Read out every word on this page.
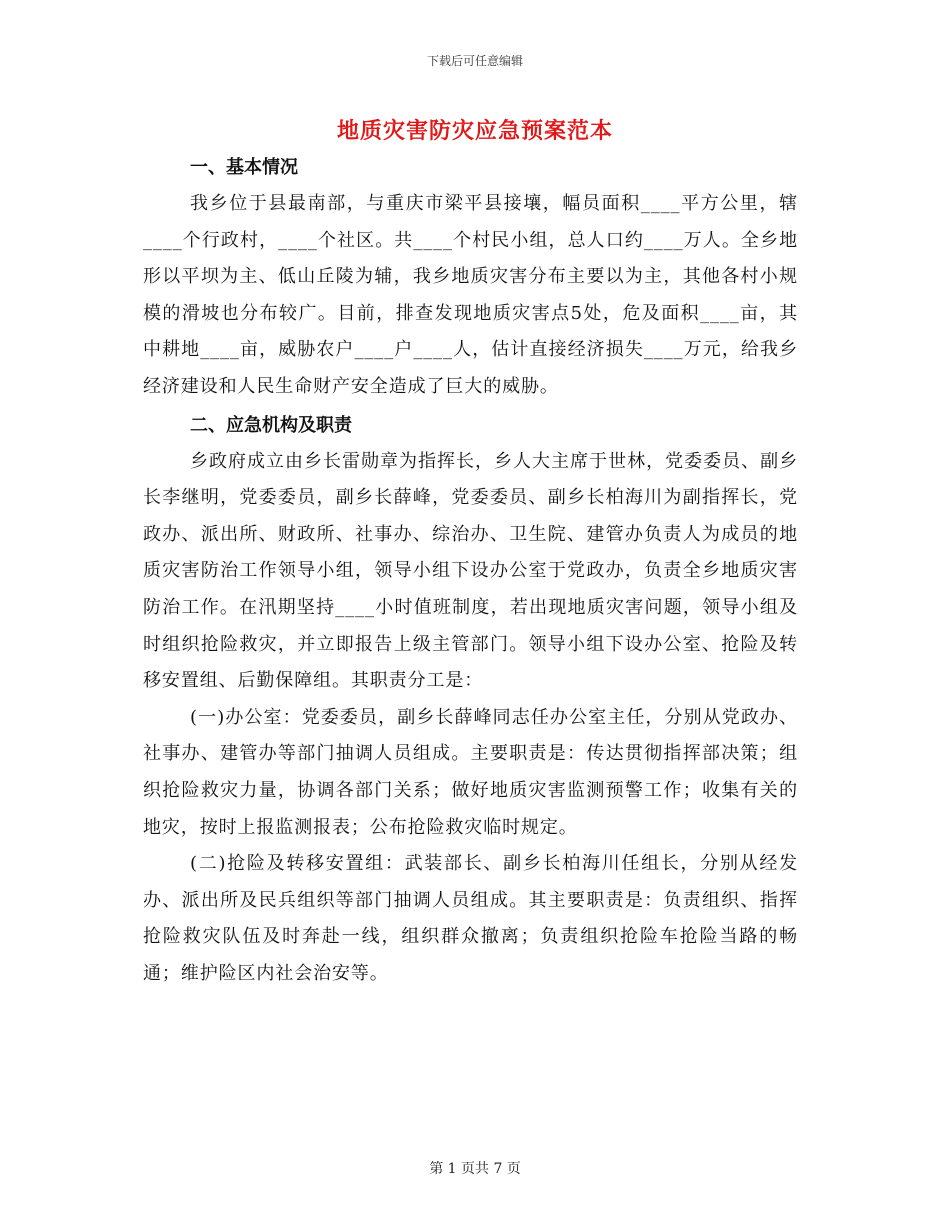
下载后可任意编辑
地质灾害防灾应急预案范本

一、基本情况

我乡位于县最南部，与重庆市梁平县接壤，幅员面积____平方公里，辖____个行政村，____个社区。共____个村民小组，总人口约____万人。全乡地形以平坝为主、低山丘陵为辅，我乡地质灾害分布主要以为主，其他各村小规模的滑坡也分布较广。目前，排查发现地质灾害点5处，危及面积____亩，其中耕地____亩，威胁农户____户____人，估计直接经济损失____万元，给我乡经济建设和人民生命财产安全造成了巨大的威胁。

二、应急机构及职责

乡政府成立由乡长雷勋章为指挥长，乡人大主席于世林，党委委员、副乡长李继明，党委委员，副乡长薛峰，党委委员、副乡长柏海川为副指挥长，党政办、派出所、财政所、社事办、综治办、卫生院、建管办负责人为成员的地质灾害防治工作领导小组，领导小组下设办公室于党政办，负责全乡地质灾害防治工作。在汛期坚持____小时值班制度，若出现地质灾害问题，领导小组及时组织抢险救灾，并立即报告上级主管部门。领导小组下设办公室、抢险及转移安置组、后勤保障组。其职责分工是：

(一)办公室：党委委员，副乡长薛峰同志任办公室主任，分别从党政办、社事办、建管办等部门抽调人员组成。主要职责是：传达贯彻指挥部决策；组织抢险救灾力量，协调各部门关系；做好地质灾害监测预警工作；收集有关的地灾，按时上报监测报表；公布抢险救灾临时规定。

(二)抢险及转移安置组：武装部长、副乡长柏海川任组长，分别从经发办、派出所及民兵组织等部门抽调人员组成。其主要职责是：负责组织、指挥抢险救灾队伍及时奔赴一线，组织群众撤离；负责组织抢险车抢险当路的畅通；维护险区内社会治安等。

第 1 页共 7 页
